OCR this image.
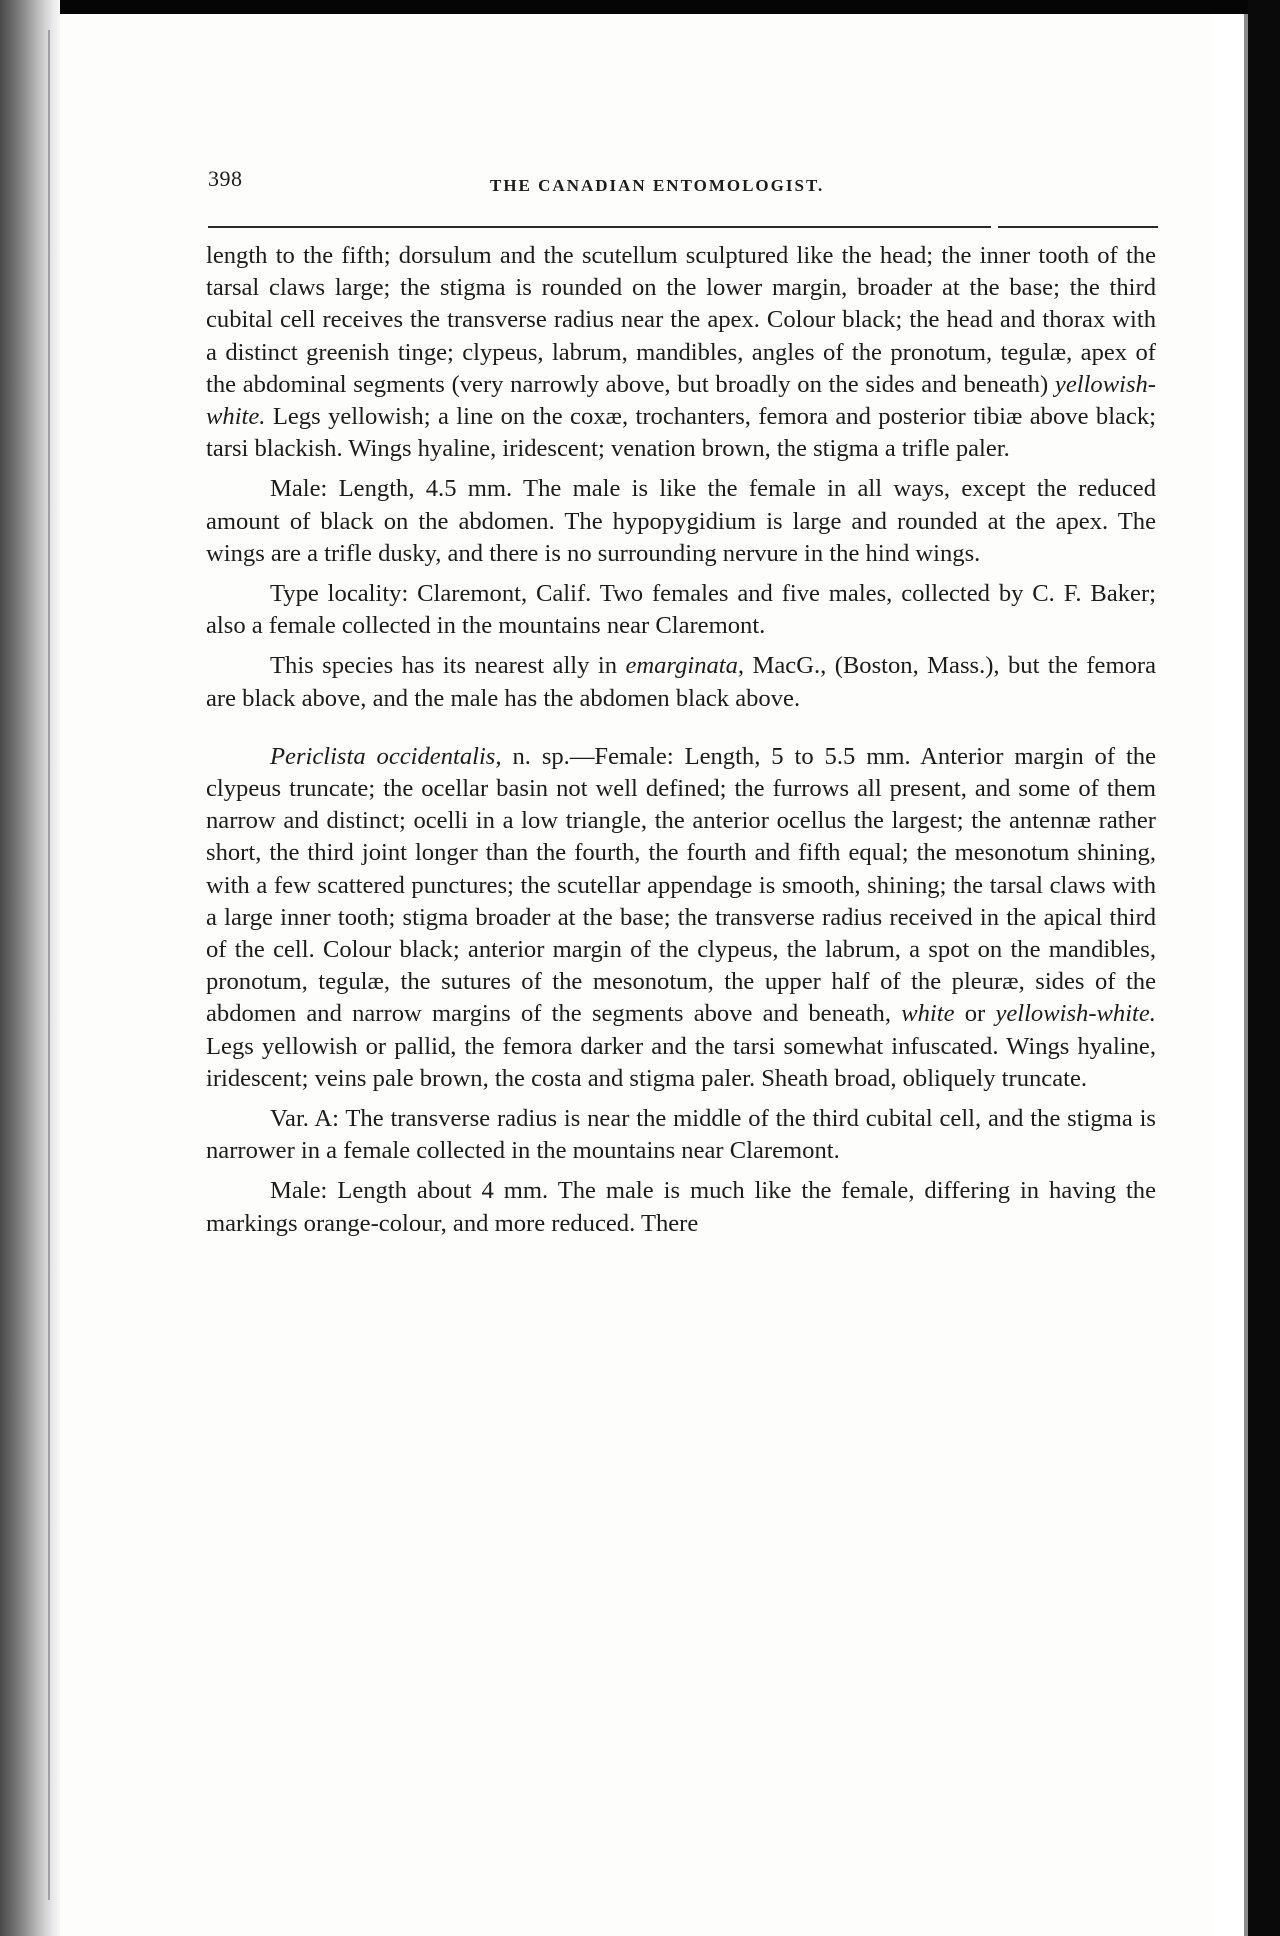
398	THE CANADIAN ENTOMOLOGIST.

length to the fifth; dorsulum and the scutellum sculptured like the head; the inner tooth of the tarsal claws large; the stigma is rounded on the lower margin, broader at the base; the third cubital cell receives the transverse radius near the apex. Colour black; the head and thorax with a distinct greenish tinge; clypeus, labrum, mandibles, angles of the pronotum, tegulæ, apex of the abdominal segments (very narrowly above, but broadly on the sides and beneath) yellowish-white. Legs yellowish; a line on the coxæ, trochanters, femora and posterior tibiæ above black; tarsi blackish. Wings hyaline, iridescent; venation brown, the stigma a trifle paler.

Male: Length, 4.5 mm. The male is like the female in all ways, except the reduced amount of black on the abdomen. The hypopygidium is large and rounded at the apex. The wings are a trifle dusky, and there is no surrounding nervure in the hind wings.

Type locality: Claremont, Calif. Two females and five males, collected by C. F. Baker; also a female collected in the mountains near Claremont.

This species has its nearest ally in emarginata, MacG., (Boston, Mass.), but the femora are black above, and the male has the abdomen black above.

Periclista occidentalis, n. sp.—Female: Length, 5 to 5.5 mm. Anterior margin of the clypeus truncate; the ocellar basin not well defined; the furrows all present, and some of them narrow and distinct; ocelli in a low triangle, the anterior ocellus the largest; the antennæ rather short, the third joint longer than the fourth, the fourth and fifth equal; the mesonotum shining, with a few scattered punctures; the scutellar appendage is smooth, shining; the tarsal claws with a large inner tooth; stigma broader at the base; the transverse radius received in the apical third of the cell. Colour black; anterior margin of the clypeus, the labrum, a spot on the mandibles, pronotum, tegulæ, the sutures of the mesonotum, the upper half of the pleuræ, sides of the abdomen and narrow margins of the segments above and beneath, white or yellowish-white. Legs yellowish or pallid, the femora darker and the tarsi somewhat infuscated. Wings hyaline, iridescent; veins pale brown, the costa and stigma paler. Sheath broad, obliquely truncate.

Var. A: The transverse radius is near the middle of the third cubital cell, and the stigma is narrower in a female collected in the mountains near Claremont.

Male: Length about 4 mm. The male is much like the female, differing in having the markings orange-colour, and more reduced. There
